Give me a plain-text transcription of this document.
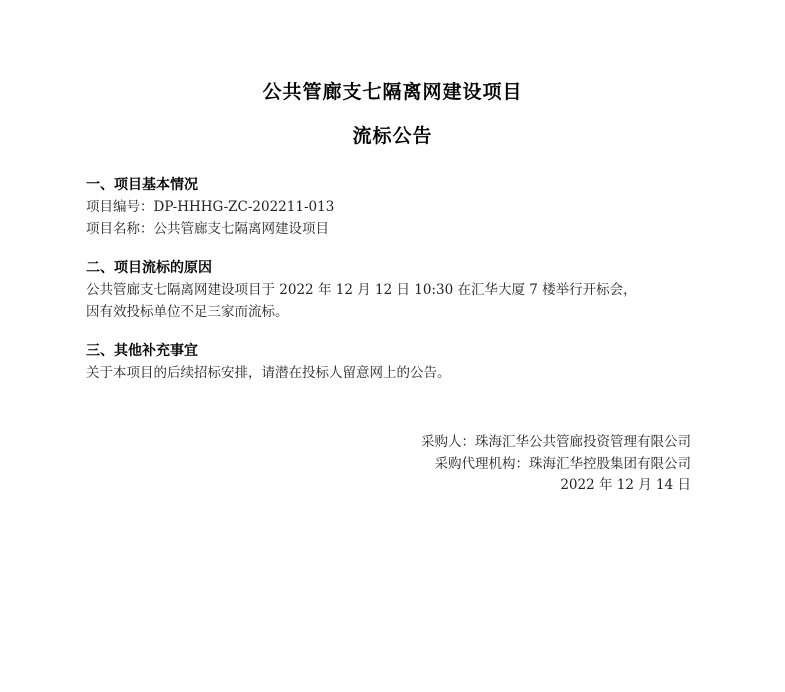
公共管廊支七隔离网建设项目
流标公告
一、项目基本情况
项目编号：DP-HHHG-ZC-202211-013
项目名称：公共管廊支七隔离网建设项目
二、项目流标的原因
公共管廊支七隔离网建设项目于 2022 年 12 月 12 日 10:30 在汇华大厦 7 楼举行开标会，
因有效投标单位不足三家而流标。
三、其他补充事宜
关于本项目的后续招标安排，请潜在投标人留意网上的公告。
采购人：珠海汇华公共管廊投资管理有限公司
采购代理机构：珠海汇华控股集团有限公司
2022 年 12 月 14 日
